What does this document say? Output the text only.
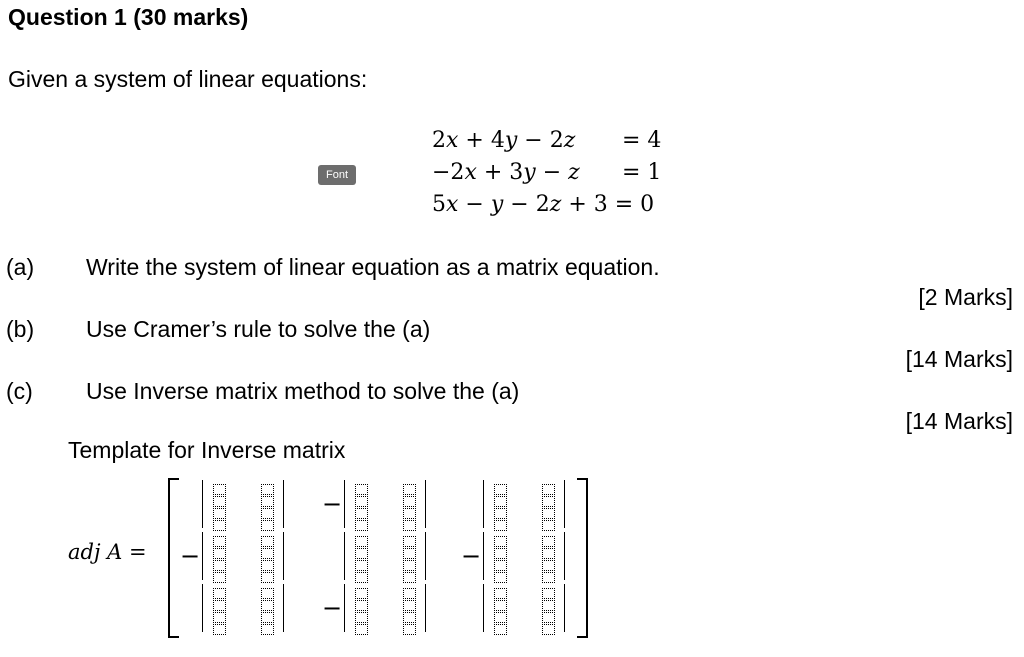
Question 1 (30 marks)
Given a system of linear equations:
Font
2x + 4y − 2z = 4
−2x + 3y − z = 1
5x − y − 2z + 3 = 0
(a) Write the system of linear equation as a matrix equation.
[2 Marks]
(b) Use Cramer’s rule to solve the (a)
[14 Marks]
(c) Use Inverse matrix method to solve the (a)
[14 Marks]
Template for Inverse matrix
adj A =
−
−	−
−
